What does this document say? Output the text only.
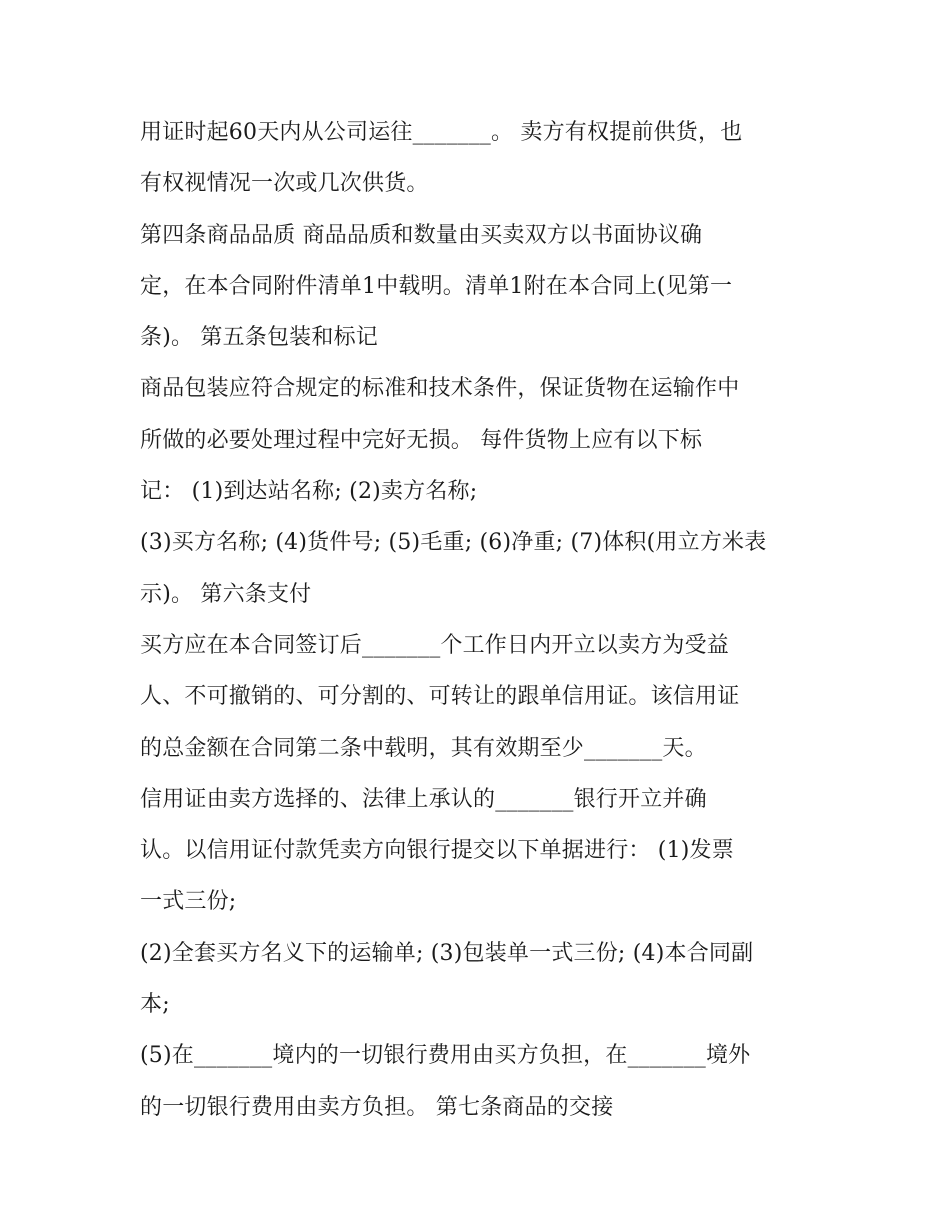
用证时起60天内从公司运往_______。 卖方有权提前供货，也
有权视情况一次或几次供货。
第四条商品品质 商品品质和数量由买卖双方以书面协议确
定，在本合同附件清单1中载明。清单1附在本合同上(见第一
条)。 第五条包装和标记
商品包装应符合规定的标准和技术条件，保证货物在运输作中
所做的必要处理过程中完好无损。 每件货物上应有以下标
记： (1)到达站名称; (2)卖方名称;
(3)买方名称; (4)货件号; (5)毛重; (6)净重; (7)体积(用立方米表
示)。 第六条支付
买方应在本合同签订后_______个工作日内开立以卖方为受益
人、不可撤销的、可分割的、可转让的跟单信用证。该信用证
的总金额在合同第二条中载明，其有效期至少_______天。
信用证由卖方选择的、法律上承认的_______银行开立并确
认。以信用证付款凭卖方向银行提交以下单据进行： (1)发票
一式三份;
(2)全套买方名义下的运输单; (3)包装单一式三份; (4)本合同副
本;
(5)在_______境内的一切银行费用由买方负担，在_______境外
的一切银行费用由卖方负担。 第七条商品的交接
